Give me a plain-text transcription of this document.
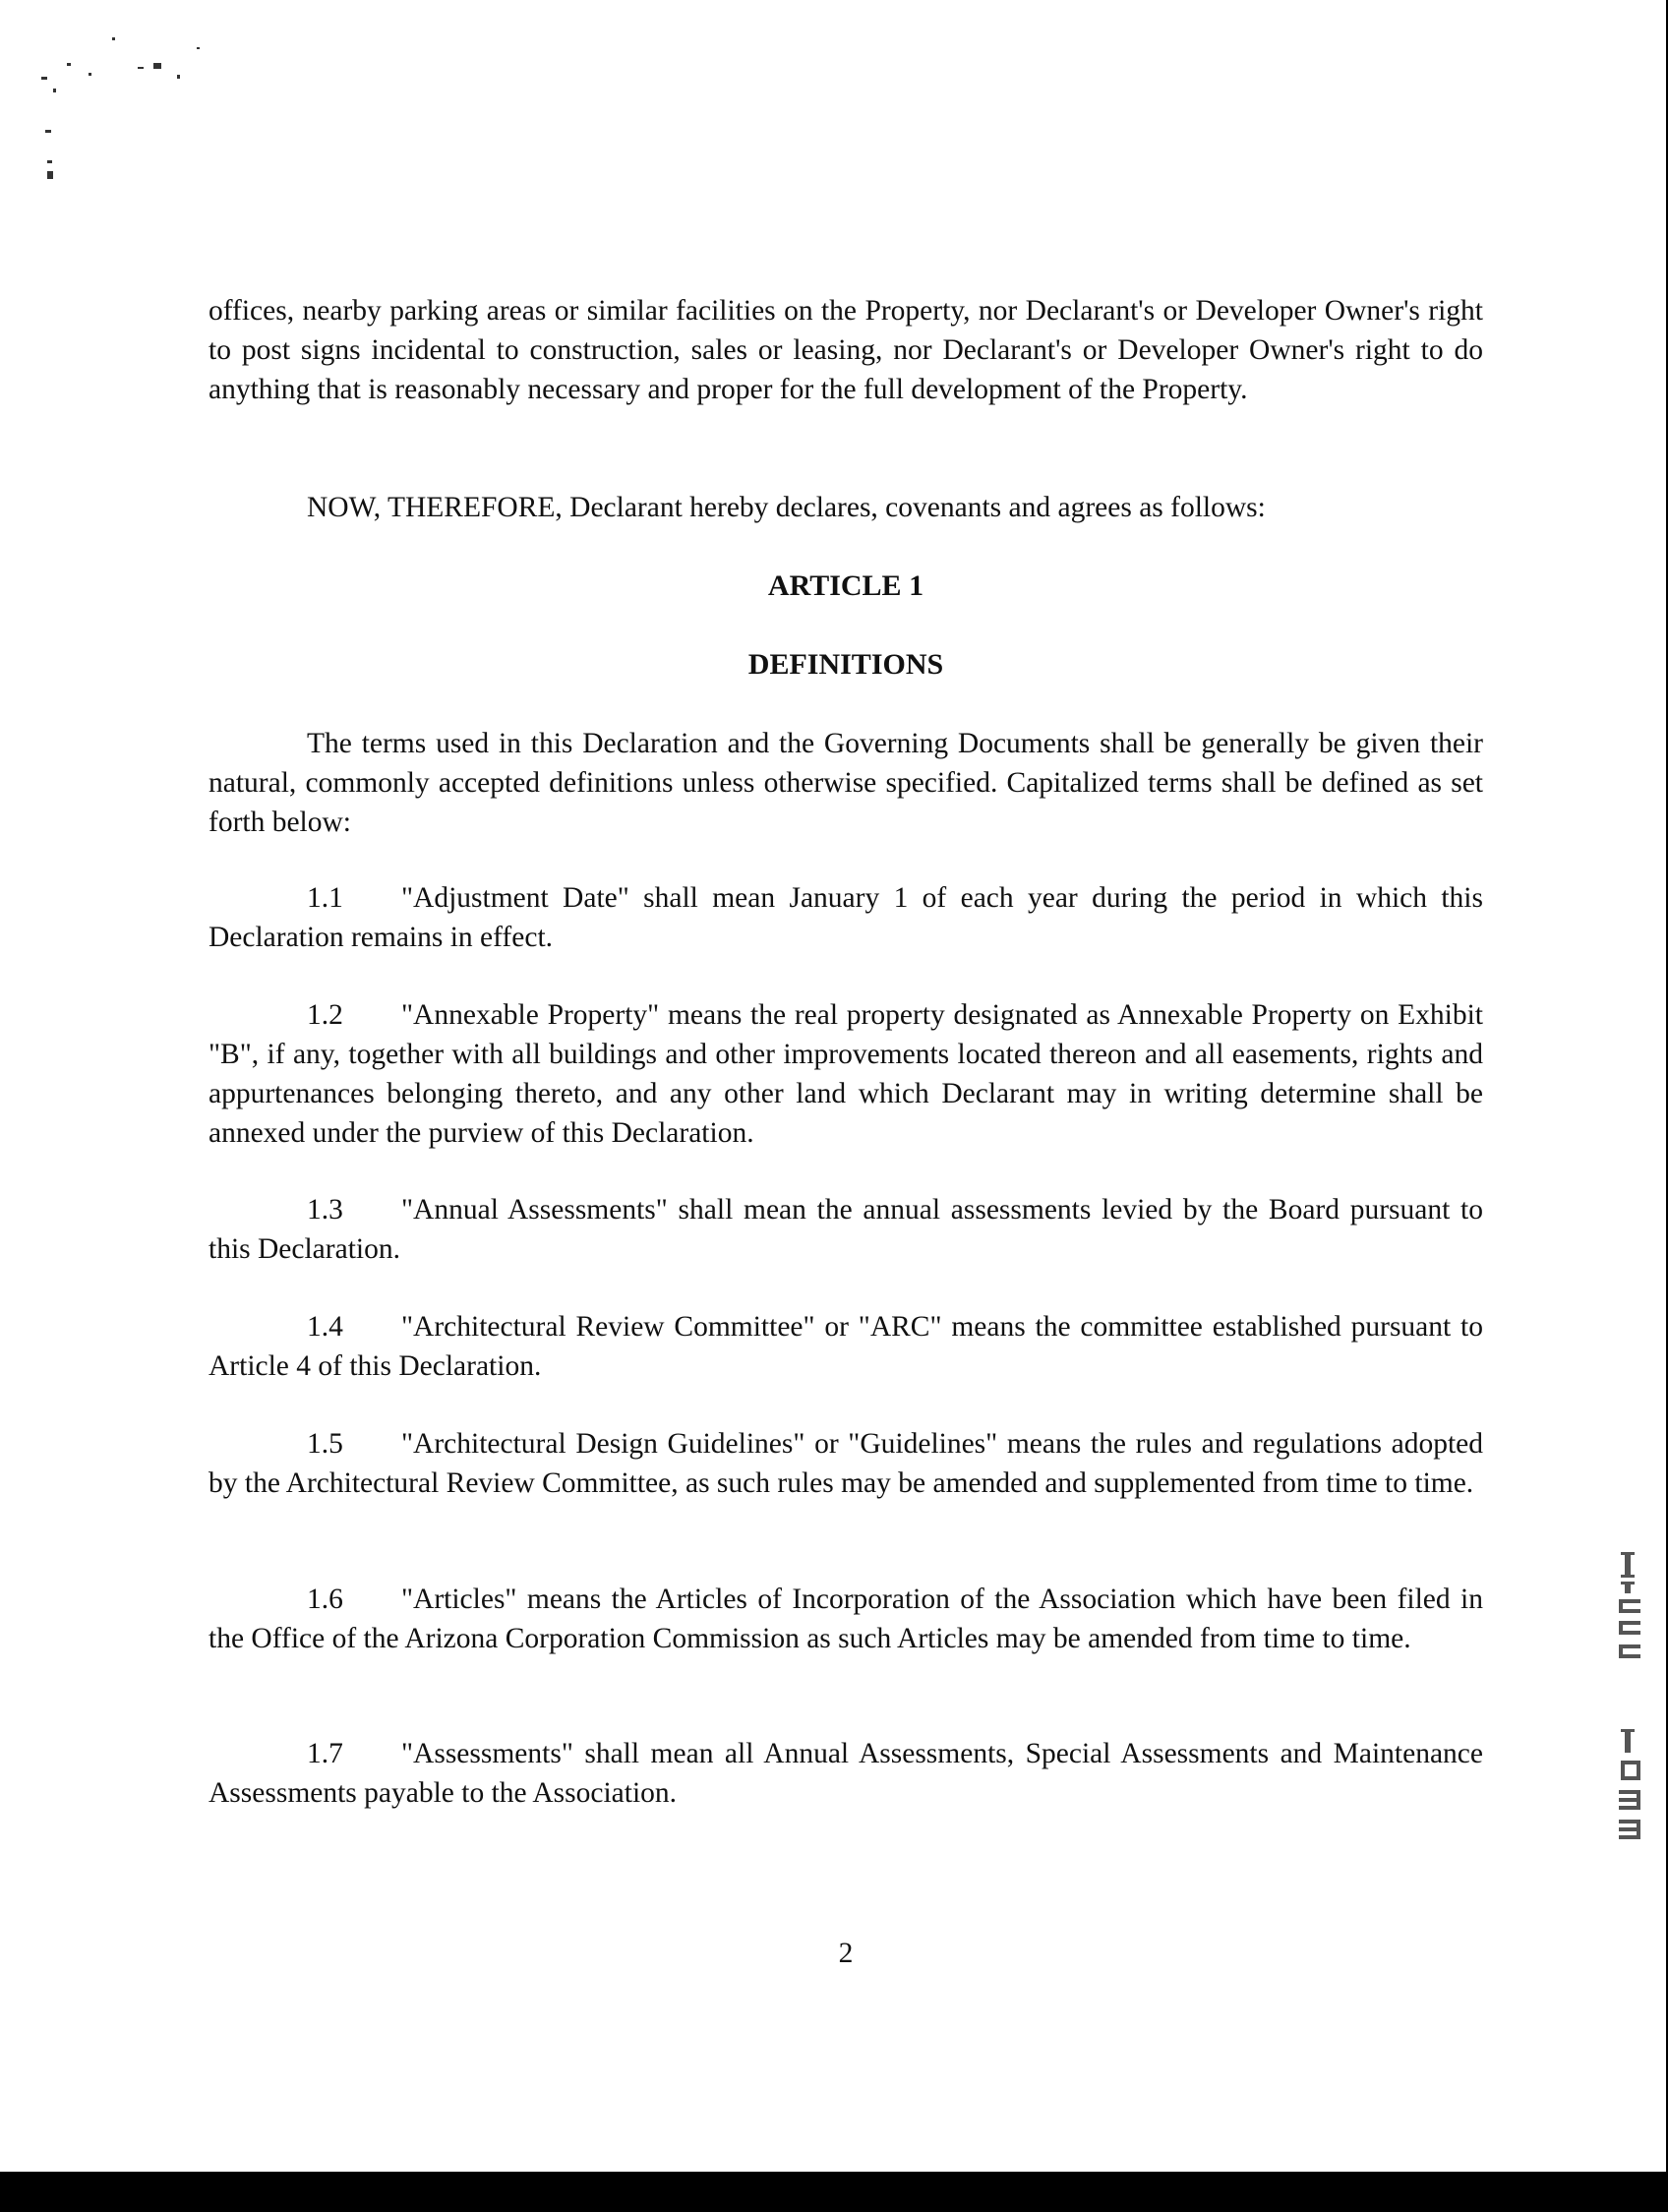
offices, nearby parking areas or similar facilities on the Property, nor Declarant's or Developer Owner's right to post signs incidental to construction, sales or leasing, nor Declarant's or Developer Owner's right to do anything that is reasonably necessary and proper for the full development of the Property.

NOW, THEREFORE, Declarant hereby declares, covenants and agrees as follows:

ARTICLE 1
DEFINITIONS

The terms used in this Declaration and the Governing Documents shall be generally be given their natural, commonly accepted definitions unless otherwise specified. Capitalized terms shall be defined as set forth below:

1.1 "Adjustment Date" shall mean January 1 of each year during the period in which this Declaration remains in effect.

1.2 "Annexable Property" means the real property designated as Annexable Property on Exhibit "B", if any, together with all buildings and other improvements located thereon and all easements, rights and appurtenances belonging thereto, and any other land which Declarant may in writing determine shall be annexed under the purview of this Declaration.

1.3 "Annual Assessments" shall mean the annual assessments levied by the Board pursuant to this Declaration.

1.4 "Architectural Review Committee" or "ARC" means the committee established pursuant to Article 4 of this Declaration.

1.5 "Architectural Design Guidelines" or "Guidelines" means the rules and regulations adopted by the Architectural Review Committee, as such rules may be amended and supplemented from time to time.

1.6 "Articles" means the Articles of Incorporation of the Association which have been filed in the Office of the Arizona Corporation Commission as such Articles may be amended from time to time.

1.7 "Assessments" shall mean all Annual Assessments, Special Assessments and Maintenance Assessments payable to the Association.

2
